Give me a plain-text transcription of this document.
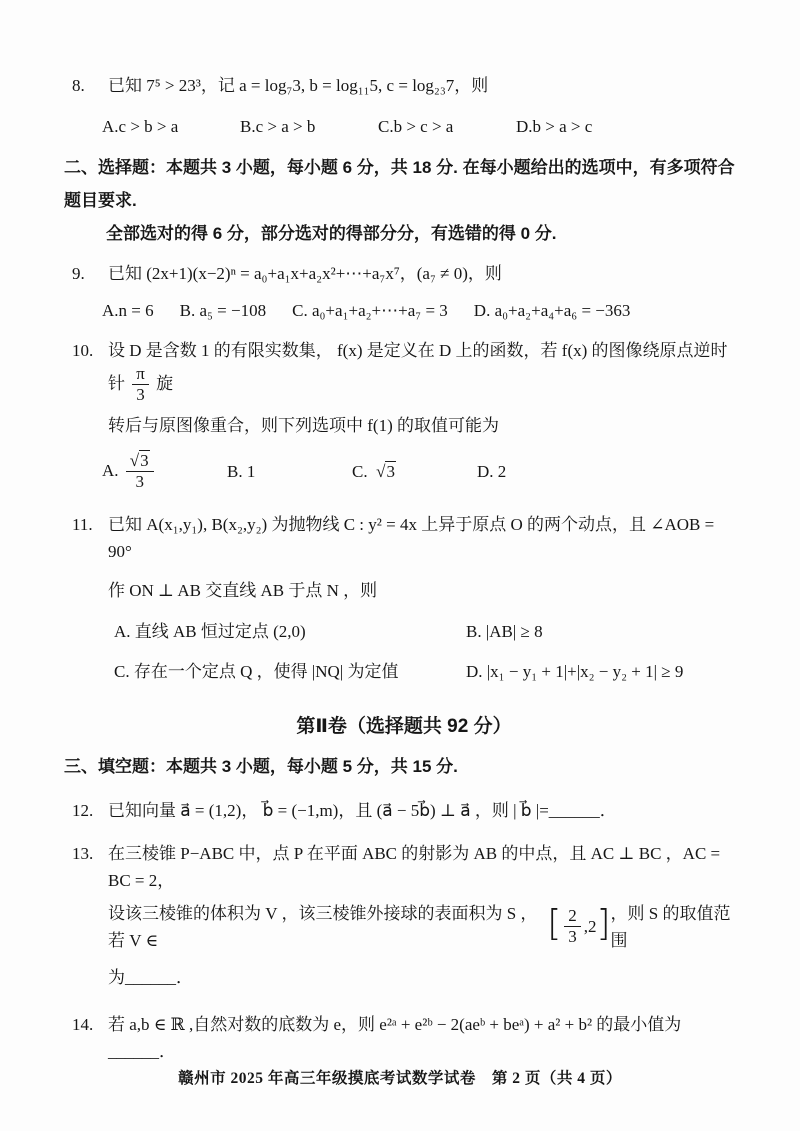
8.	已知 7⁵ > 23³，记 a = log₇3, b = log₁₁5, c = log₂₃7，则
A.c > b > a	B.c > a > b	C.b > c > a	D.b > a > c
二、选择题：本题共 3 小题，每小题 6 分，共 18 分. 在每小题给出的选项中，有多项符合题目要求.
全部选对的得 6 分，部分选对的得部分分，有选错的得 0 分.
9.	已知 (2x+1)(x−2)ⁿ = a₀+a₁x+a₂x²+⋯+a₇x⁷，(a₇ ≠ 0)，则
A.n = 6 B. a₅ = −108 C. a₀+a₁+a₂+⋯+a₇ = 3 D. a₀+a₂+a₄+a₆ = −363
10. 设 D 是含数 1 的有限实数集， f(x) 是定义在 D 上的函数，若 f(x) 的图像绕原点逆时针 $\frac{\pi}{3}$ 旋
转后与原图像重合，则下列选项中 f(1) 的取值可能为
A. $\frac{√3}{3}$	B. 1	C. √3	D. 2
11. 已知 A(x₁,y₁), B(x₂,y₂) 为抛物线 C : y² = 4x 上异于原点 O 的两个动点，且 ∠AOB = 90°
作 ON ⊥ AB 交直线 AB 于点 N ，则
A. 直线 AB 恒过定点 (2,0)	B. |AB| ≥ 8
C. 存在一个定点 Q ，使得 |NQ| 为定值	D. |x₁ − y₁ + 1|+|x₂ − y₂ + 1| ≥ 9
第Ⅱ卷（选择题共 92 分）
三、填空题：本题共 3 小题，每小题 5 分，共 15 分.
12. 已知向量 a⃗ = (1,2)， b⃗ = (−1,m)，且 (a⃗ − 5b⃗) ⊥ a⃗ ，则 | b⃗ |=______．
13. 在三棱锥 P−ABC 中，点 P 在平面 ABC 的射影为 AB 的中点，且 AC ⊥ BC ，AC = BC = 2，
设该三棱锥的体积为 V ，该三棱锥外接球的表面积为 S ，若 V ∈	[ $\frac{2}{3} ,2$ ] ，则 S 的取值范围
为______．
14. 若 a,b ∈ ℝ ,自然对数的底数为 e，则 e²ᵃ + e²ᵇ − 2(aeᵇ + beᵃ) + a² + b² 的最小值为______．
赣州市 2025 年高三年级摸底考试数学试卷　第 2 页（共 4 页）
